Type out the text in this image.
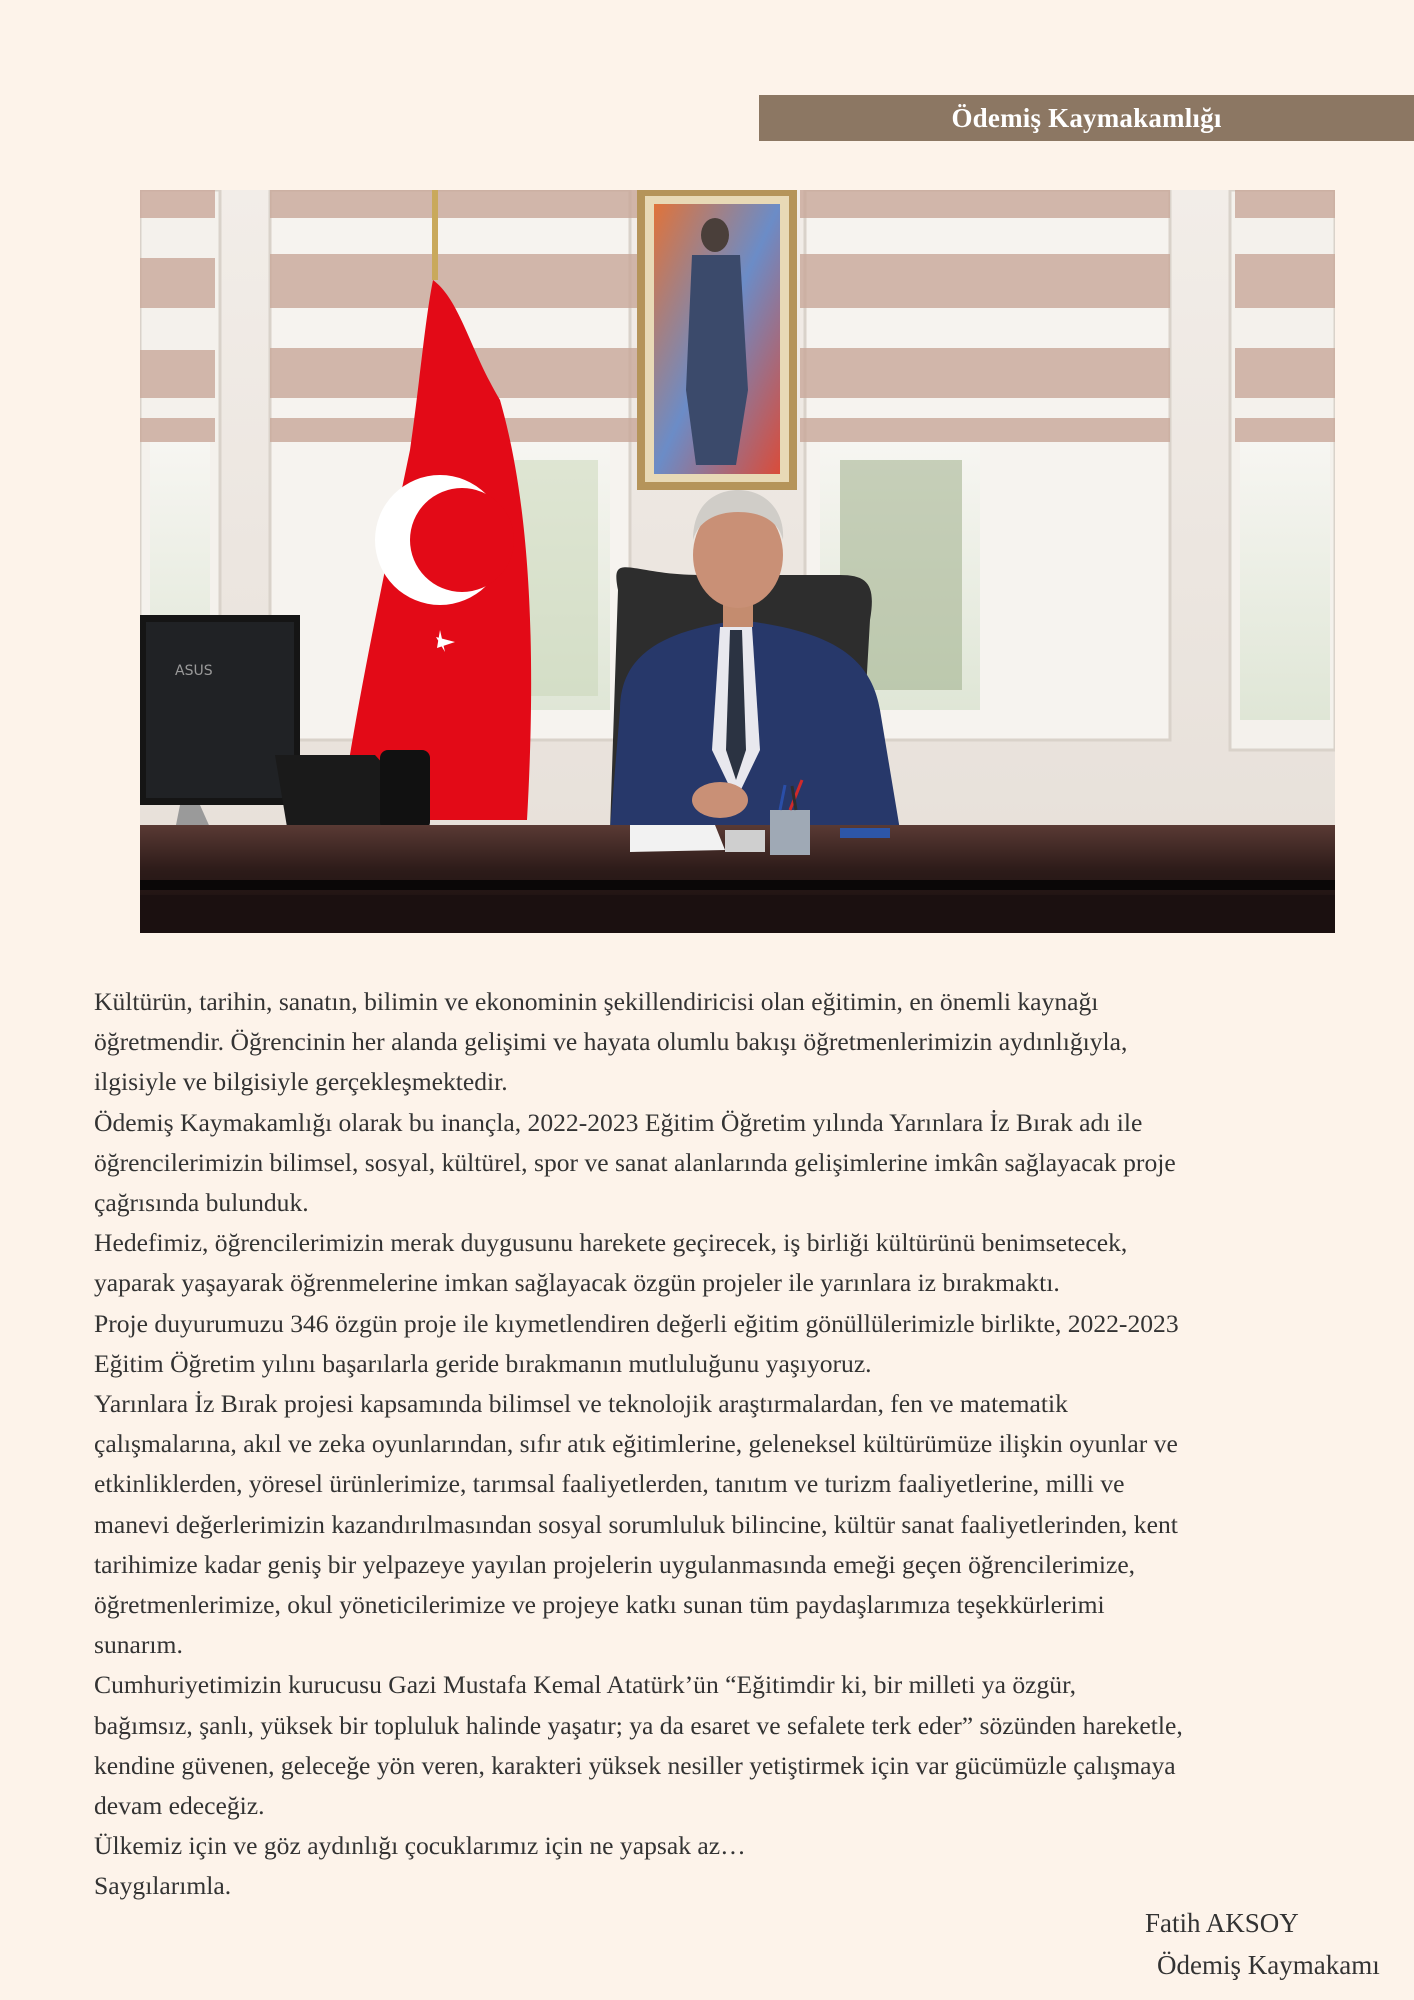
Ödemiş Kaymakamlığı
ASUS

Kültürün, tarihin, sanatın, bilimin ve ekonominin şekillendiricisi olan eğitimin, en önemli kaynağı

öğretmendir. Öğrencinin her alanda gelişimi ve hayata olumlu bakışı öğretmenlerimizin aydınlığıyla,

ilgisiyle ve bilgisiyle gerçekleşmektedir.

Ödemiş Kaymakamlığı olarak bu inançla, 2022-2023 Eğitim Öğretim yılında Yarınlara İz Bırak adı ile

öğrencilerimizin bilimsel, sosyal, kültürel, spor ve sanat alanlarında gelişimlerine imkân sağlayacak proje

çağrısında bulunduk.

Hedefimiz, öğrencilerimizin merak duygusunu harekete geçirecek, iş birliği kültürünü benimsetecek,

yaparak yaşayarak öğrenmelerine imkan sağlayacak özgün projeler ile yarınlara iz bırakmaktı.

Proje duyurumuzu 346 özgün proje ile kıymetlendiren değerli eğitim gönüllülerimizle birlikte, 2022-2023

Eğitim Öğretim yılını başarılarla geride bırakmanın mutluluğunu yaşıyoruz.

Yarınlara İz Bırak projesi kapsamında bilimsel ve teknolojik araştırmalardan, fen ve matematik

çalışmalarına, akıl ve zeka oyunlarından, sıfır atık eğitimlerine, geleneksel kültürümüze ilişkin oyunlar ve

etkinliklerden, yöresel ürünlerimize, tarımsal faaliyetlerden, tanıtım ve turizm faaliyetlerine, milli ve

manevi değerlerimizin kazandırılmasından sosyal sorumluluk bilincine, kültür sanat faaliyetlerinden, kent

tarihimize kadar geniş bir yelpazeye yayılan projelerin uygulanmasında emeği geçen öğrencilerimize,

öğretmenlerimize, okul yöneticilerimize ve projeye katkı sunan tüm paydaşlarımıza teşekkürlerimi

sunarım.

Cumhuriyetimizin kurucusu Gazi Mustafa Kemal Atatürk’ün “Eğitimdir ki, bir milleti ya özgür,

bağımsız, şanlı, yüksek bir topluluk halinde yaşatır; ya da esaret ve sefalete terk eder” sözünden hareketle,

kendine güvenen, geleceğe yön veren, karakteri yüksek nesiller yetiştirmek için var gücümüzle çalışmaya

devam edeceğiz.

Ülkemiz için ve göz aydınlığı çocuklarımız için ne yapsak az…

Saygılarımla.

Fatih AKSOY
Ödemiş Kaymakamı
